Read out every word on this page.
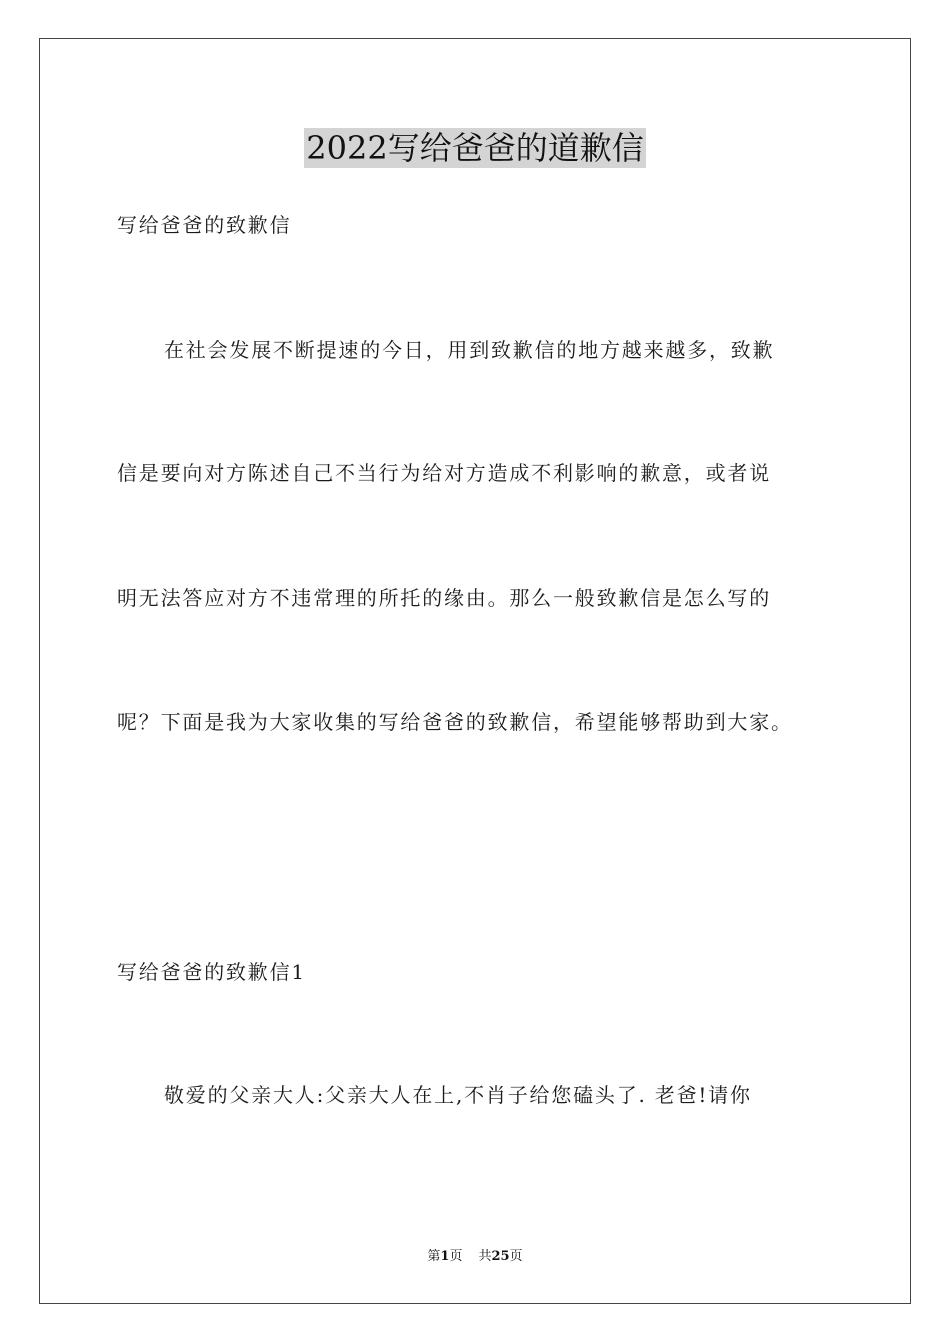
2022写给爸爸的道歉信
写给爸爸的致歉信
在社会发展不断提速的今日，用到致歉信的地方越来越多，致歉
信是要向对方陈述自己不当行为给对方造成不利影响的歉意，或者说
明无法答应对方不违常理的所托的缘由。那么一般致歉信是怎么写的
呢？下面是我为大家收集的写给爸爸的致歉信，希望能够帮助到大家。
写给爸爸的致歉信1
敬爱的父亲大人:父亲大人在上,不肖子给您磕头了. 老爸!请你
第1页 共25页
